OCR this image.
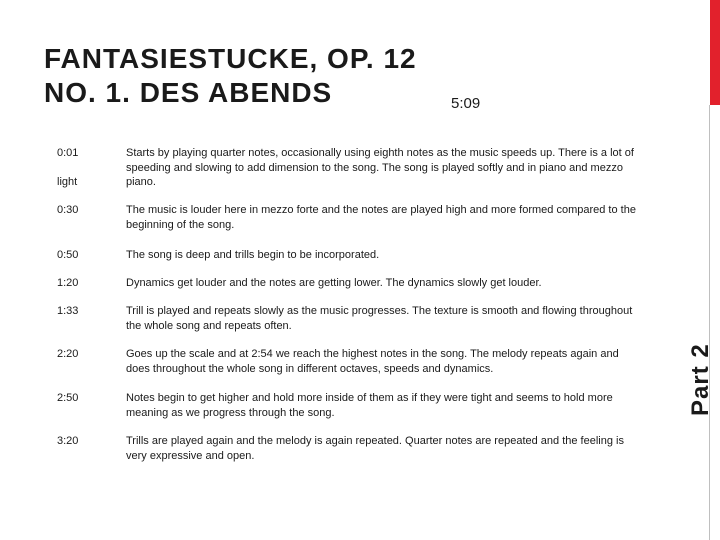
FANTASIESTUCKE, OP. 12
NO. 1. DES ABENDS	5:09
Part 2
0:01	Starts by playing quarter notes, occasionally using eighth notes as the music speeds up. There is a lot of speeding and slowing to add dimension to the song. The song is played softly and in piano and mezzo piano.
light
0:30	The music is louder here in mezzo forte and the notes are played high and more formed compared to the beginning of the song.
0:50	The song is deep and trills begin to be incorporated.
1:20	Dynamics get louder and the notes are getting lower. The dynamics slowly get louder.
1:33	Trill is played and repeats slowly as the music progresses. The texture is smooth and flowing throughout the whole song and repeats often.
2:20	Goes up the scale and at 2:54 we reach the highest notes in the song. The melody repeats again and does throughout the whole song in different octaves, speeds and dynamics.
2:50	Notes begin to get higher and hold more inside of them as if they were tight and seems to hold more meaning as we progress through the song.
3:20	Trills are played again and the melody is again repeated. Quarter notes are repeated and the feeling is very expressive and open.
